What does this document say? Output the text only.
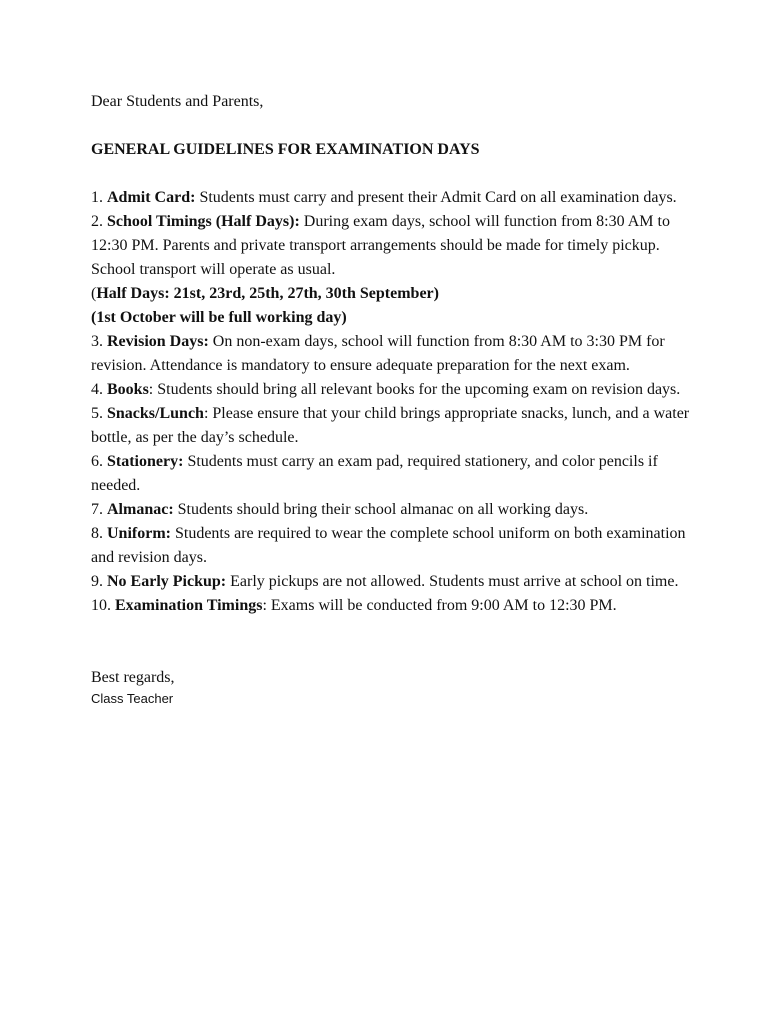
Dear Students and Parents,

GENERAL GUIDELINES FOR EXAMINATION DAYS

1. Admit Card: Students must carry and present their Admit Card on all examination days.
2. School Timings (Half Days): During exam days, school will function from 8:30 AM to 12:30 PM. Parents and private transport arrangements should be made for timely pickup. School transport will operate as usual.
(Half Days: 21st, 23rd, 25th, 27th, 30th September)
(1st October will be full working day)
3. Revision Days: On non-exam days, school will function from 8:30 AM to 3:30 PM for revision. Attendance is mandatory to ensure adequate preparation for the next exam.
4. Books: Students should bring all relevant books for the upcoming exam on revision days.
5. Snacks/Lunch: Please ensure that your child brings appropriate snacks, lunch, and a water bottle, as per the day’s schedule.
6. Stationery: Students must carry an exam pad, required stationery, and color pencils if needed.
7. Almanac: Students should bring their school almanac on all working days.
8. Uniform: Students are required to wear the complete school uniform on both examination and revision days.
9. No Early Pickup: Early pickups are not allowed. Students must arrive at school on time.
10. Examination Timings: Exams will be conducted from 9:00 AM to 12:30 PM.

Best regards,

Class Teacher
